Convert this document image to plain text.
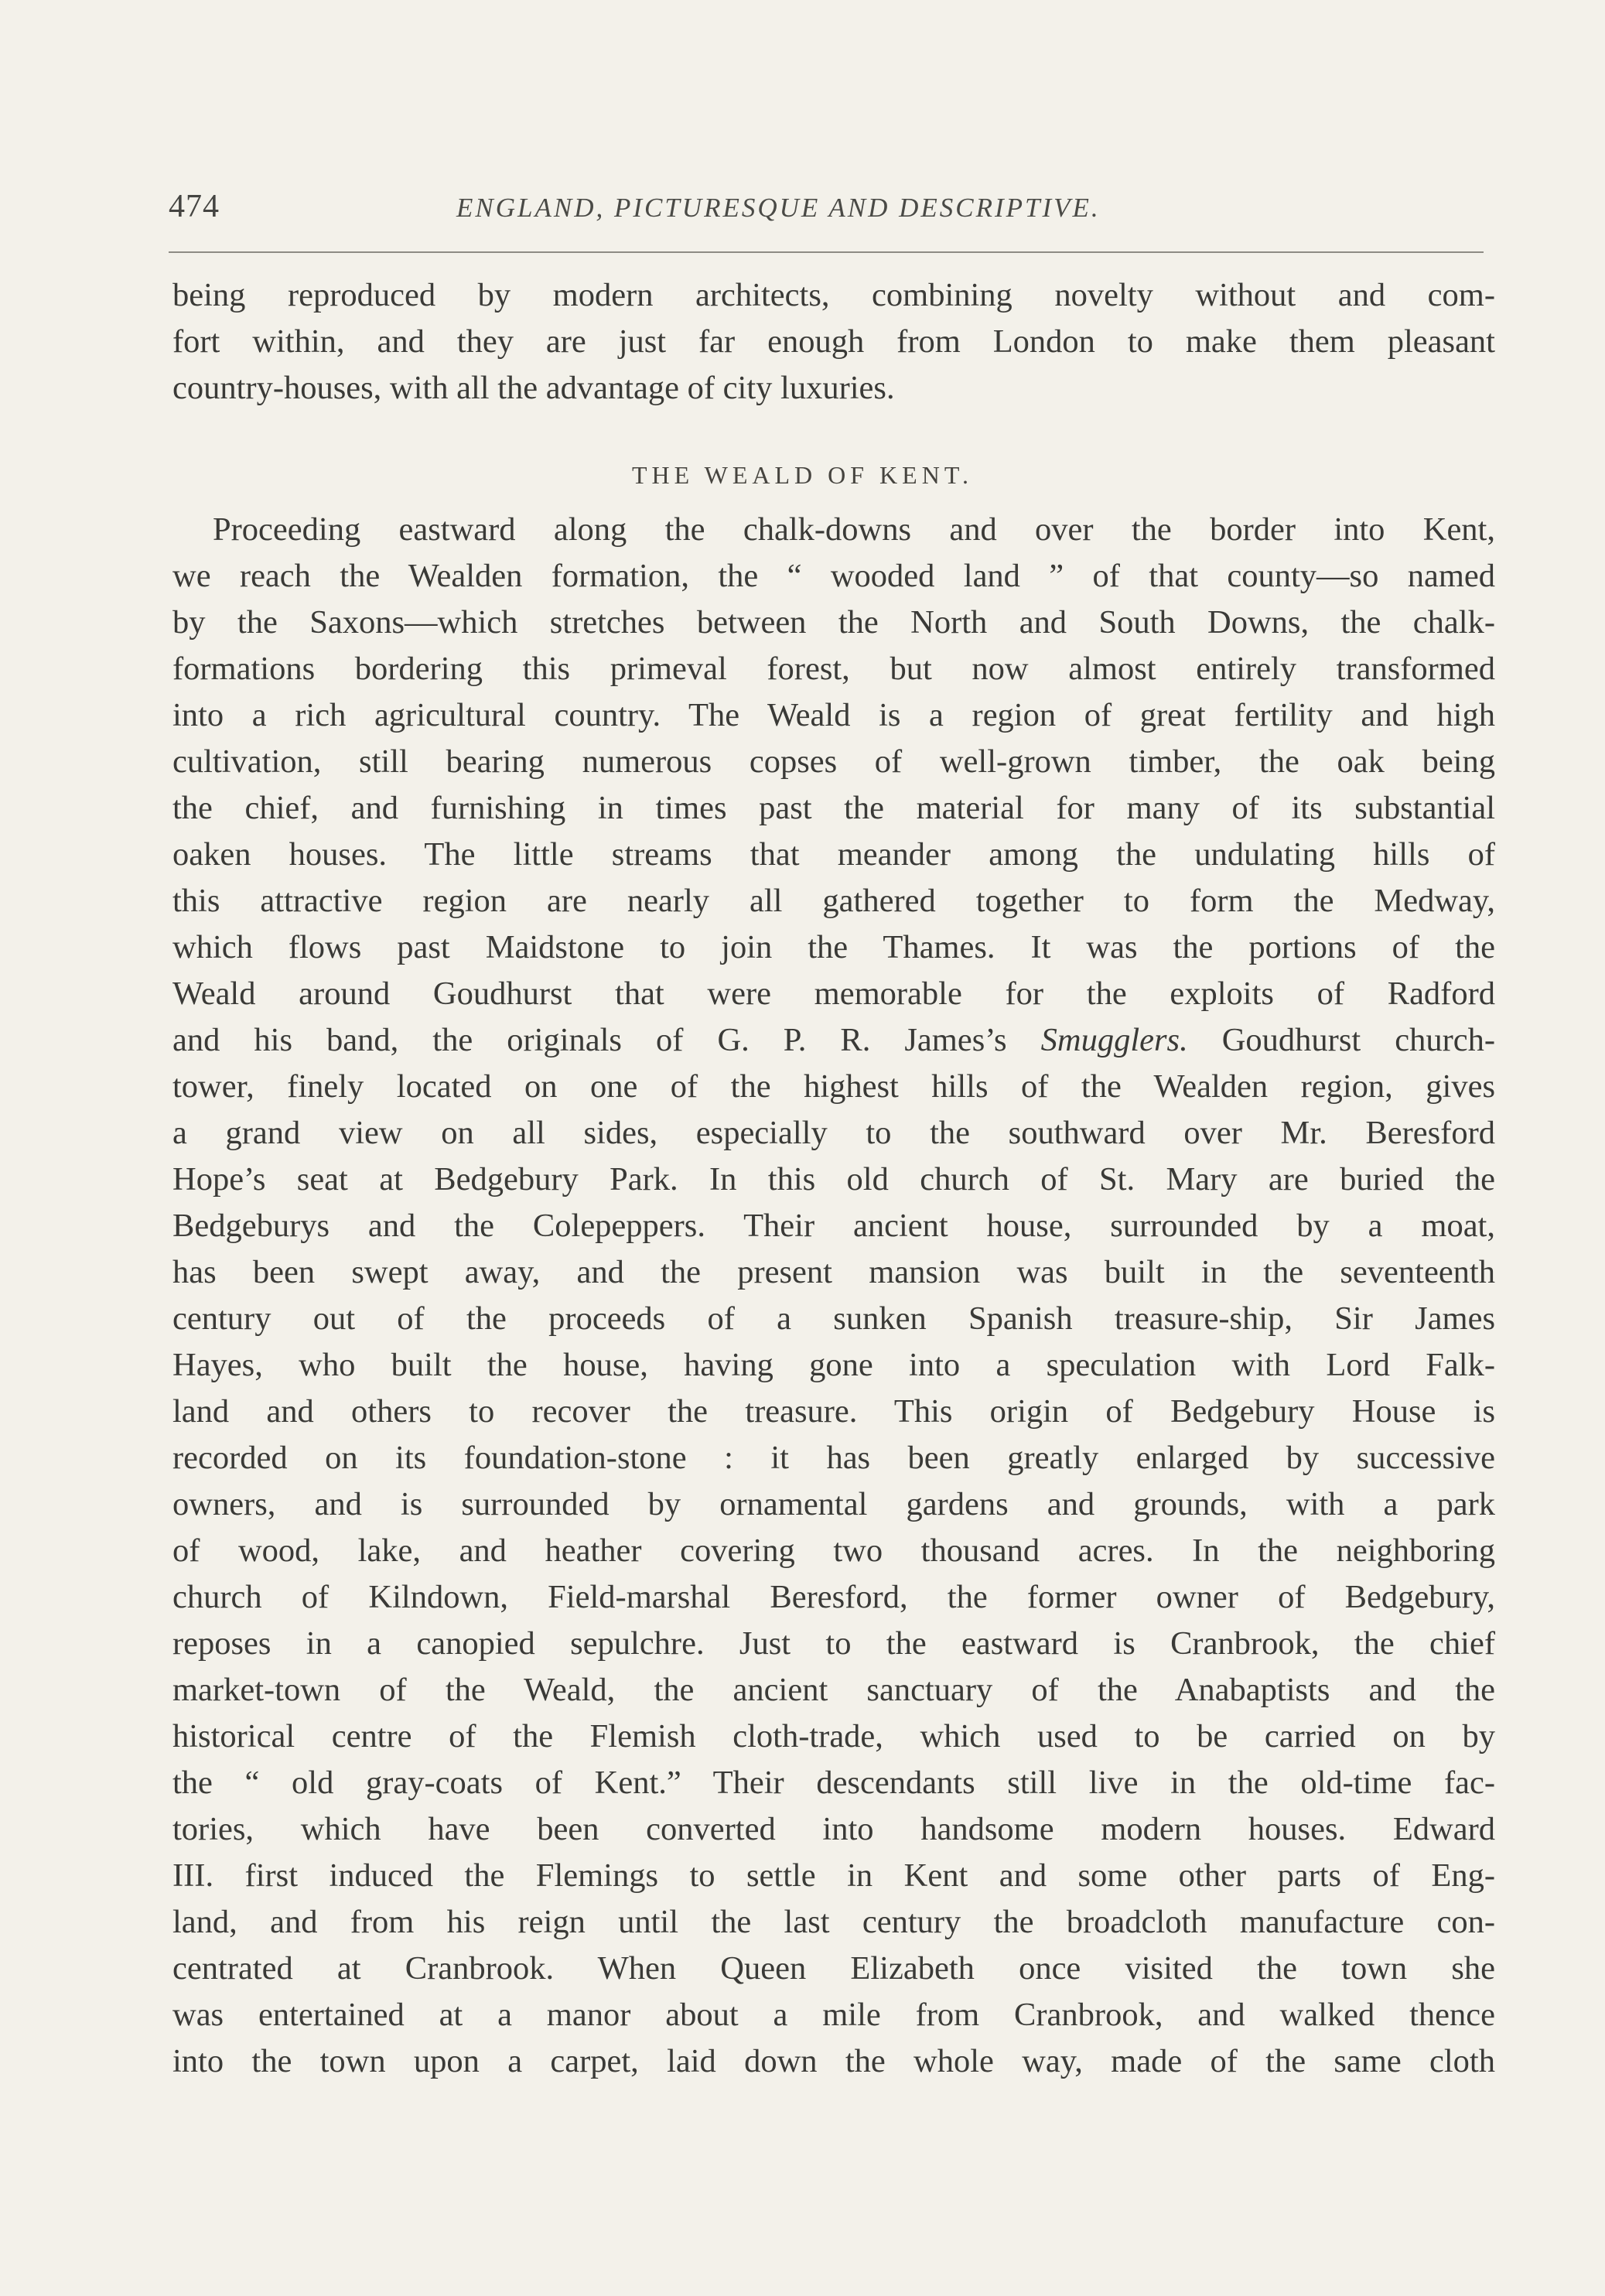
474	ENGLAND, PICTURESQUE AND DESCRIPTIVE.
being reproduced by modern architects, combining novelty without and com-
fort within, and they are just far enough from London to make them pleasant
country-houses, with all the advantage of city luxuries.
THE WEALD OF KENT.
Proceeding eastward along the chalk-downs and over the border into Kent,
we reach the Wealden formation, the “ wooded land ” of that county—so named
by the Saxons—which stretches between the North and South Downs, the chalk-
formations bordering this primeval forest, but now almost entirely transformed
into a rich agricultural country. The Weald is a region of great fertility and high
cultivation, still bearing numerous copses of well-grown timber, the oak being
the chief, and furnishing in times past the material for many of its substantial
oaken houses. The little streams that meander among the undulating hills of
this attractive region are nearly all gathered together to form the Medway,
which flows past Maidstone to join the Thames. It was the portions of the
Weald around Goudhurst that were memorable for the exploits of Radford
and his band, the originals of G. P. R. James’s Smugglers. Goudhurst church-
tower, finely located on one of the highest hills of the Wealden region, gives
a grand view on all sides, especially to the southward over Mr. Beresford
Hope’s seat at Bedgebury Park. In this old church of St. Mary are buried the
Bedgeburys and the Colepeppers. Their ancient house, surrounded by a moat,
has been swept away, and the present mansion was built in the seventeenth
century out of the proceeds of a sunken Spanish treasure-ship, Sir James
Hayes, who built the house, having gone into a speculation with Lord Falk-
land and others to recover the treasure. This origin of Bedgebury House is
recorded on its foundation-stone : it has been greatly enlarged by successive
owners, and is surrounded by ornamental gardens and grounds, with a park
of wood, lake, and heather covering two thousand acres. In the neighboring
church of Kilndown, Field-marshal Beresford, the former owner of Bedgebury,
reposes in a canopied sepulchre. Just to the eastward is Cranbrook, the chief
market-town of the Weald, the ancient sanctuary of the Anabaptists and the
historical centre of the Flemish cloth-trade, which used to be carried on by
the “ old gray-coats of Kent.” Their descendants still live in the old-time fac-
tories, which have been converted into handsome modern houses. Edward
III. first induced the Flemings to settle in Kent and some other parts of Eng-
land, and from his reign until the last century the broadcloth manufacture con-
centrated at Cranbrook. When Queen Elizabeth once visited the town she
was entertained at a manor about a mile from Cranbrook, and walked thence
into the town upon a carpet, laid down the whole way, made of the same cloth
